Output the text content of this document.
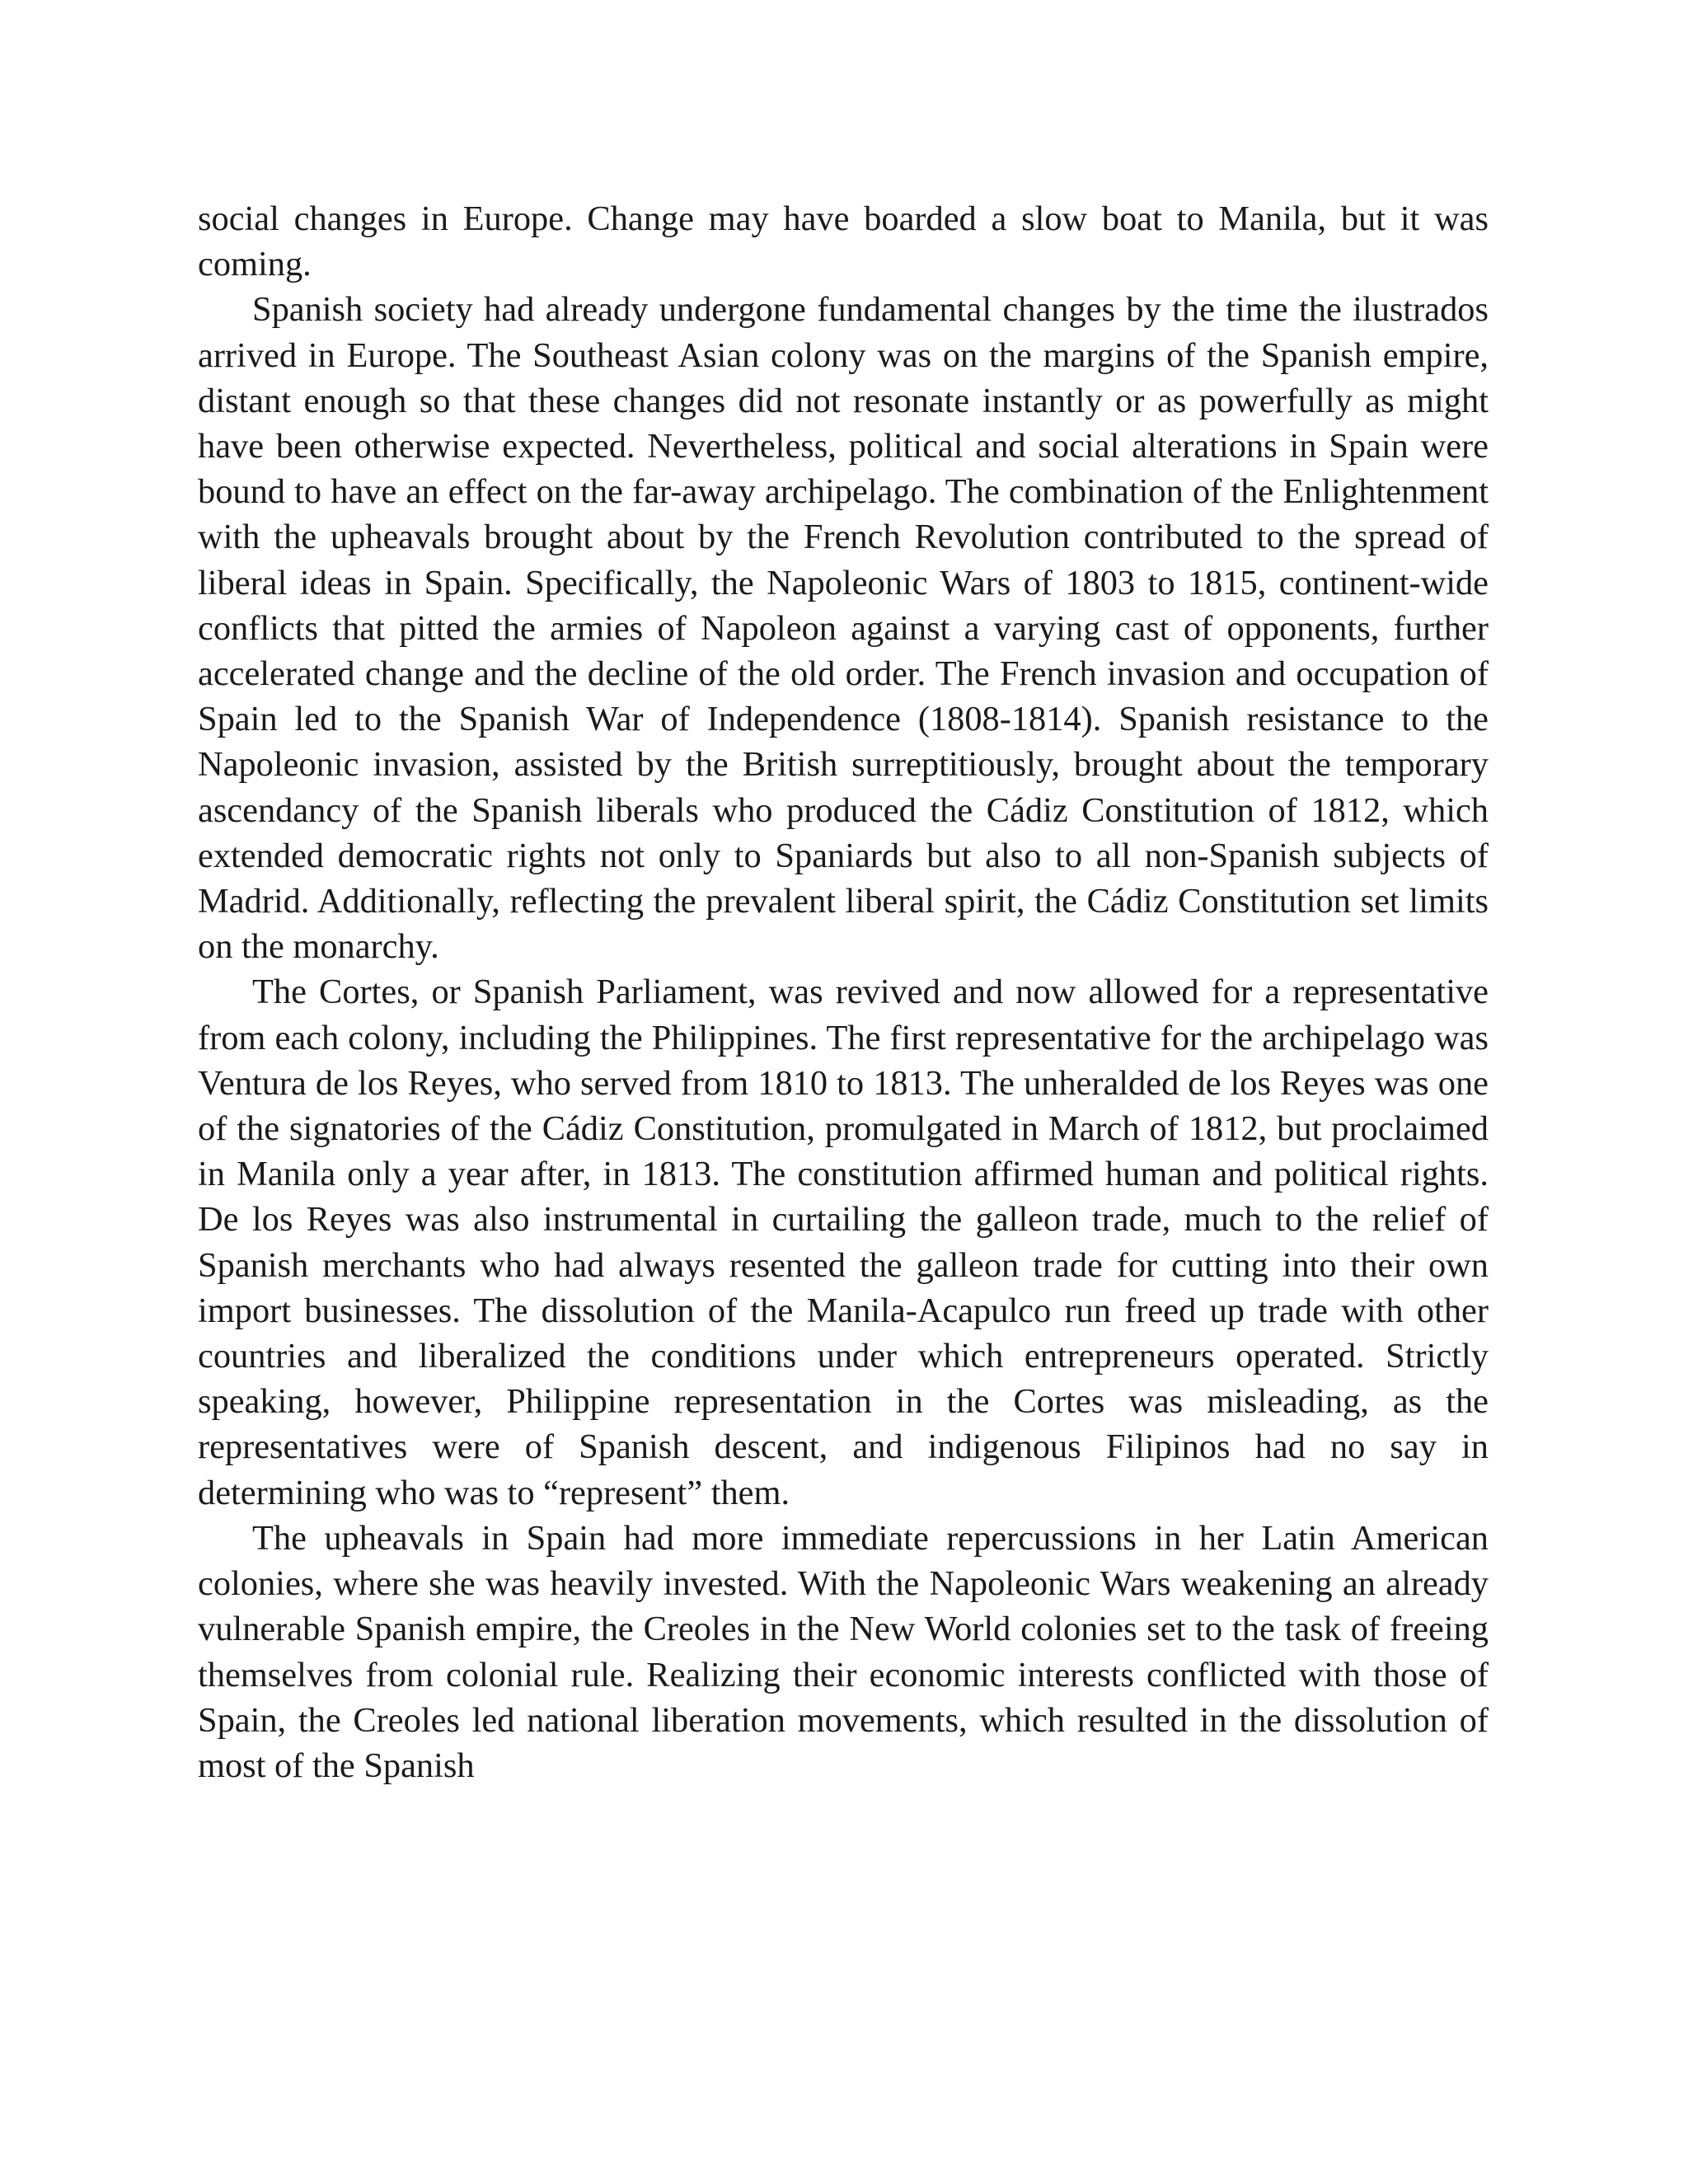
social changes in Europe. Change may have boarded a slow boat to Manila, but it was coming.

Spanish society had already undergone fundamental changes by the time the ilustrados arrived in Europe. The Southeast Asian colony was on the margins of the Spanish empire, distant enough so that these changes did not resonate instantly or as powerfully as might have been otherwise expected. Nevertheless, political and social alterations in Spain were bound to have an effect on the far-away archipelago. The combination of the Enlightenment with the upheavals brought about by the French Revolution contributed to the spread of liberal ideas in Spain. Specifically, the Napoleonic Wars of 1803 to 1815, continent-wide conflicts that pitted the armies of Napoleon against a varying cast of opponents, further accelerated change and the decline of the old order. The French invasion and occupation of Spain led to the Spanish War of Independence (1808-1814). Spanish resistance to the Napoleonic invasion, assisted by the British surreptitiously, brought about the temporary ascendancy of the Spanish liberals who produced the Cádiz Constitution of 1812, which extended democratic rights not only to Spaniards but also to all non-Spanish subjects of Madrid. Additionally, reflecting the prevalent liberal spirit, the Cádiz Constitution set limits on the monarchy.

The Cortes, or Spanish Parliament, was revived and now allowed for a representative from each colony, including the Philippines. The first representative for the archipelago was Ventura de los Reyes, who served from 1810 to 1813. The unheralded de los Reyes was one of the signatories of the Cádiz Constitution, promulgated in March of 1812, but proclaimed in Manila only a year after, in 1813. The constitution affirmed human and political rights. De los Reyes was also instrumental in curtailing the galleon trade, much to the relief of Spanish merchants who had always resented the galleon trade for cutting into their own import businesses. The dissolution of the Manila-Acapulco run freed up trade with other countries and liberalized the conditions under which entrepreneurs operated. Strictly speaking, however, Philippine representation in the Cortes was misleading, as the representatives were of Spanish descent, and indigenous Filipinos had no say in determining who was to “represent” them.

The upheavals in Spain had more immediate repercussions in her Latin American colonies, where she was heavily invested. With the Napoleonic Wars weakening an already vulnerable Spanish empire, the Creoles in the New World colonies set to the task of freeing themselves from colonial rule. Realizing their economic interests conflicted with those of Spain, the Creoles led national liberation movements, which resulted in the dissolution of most of the Spanish
